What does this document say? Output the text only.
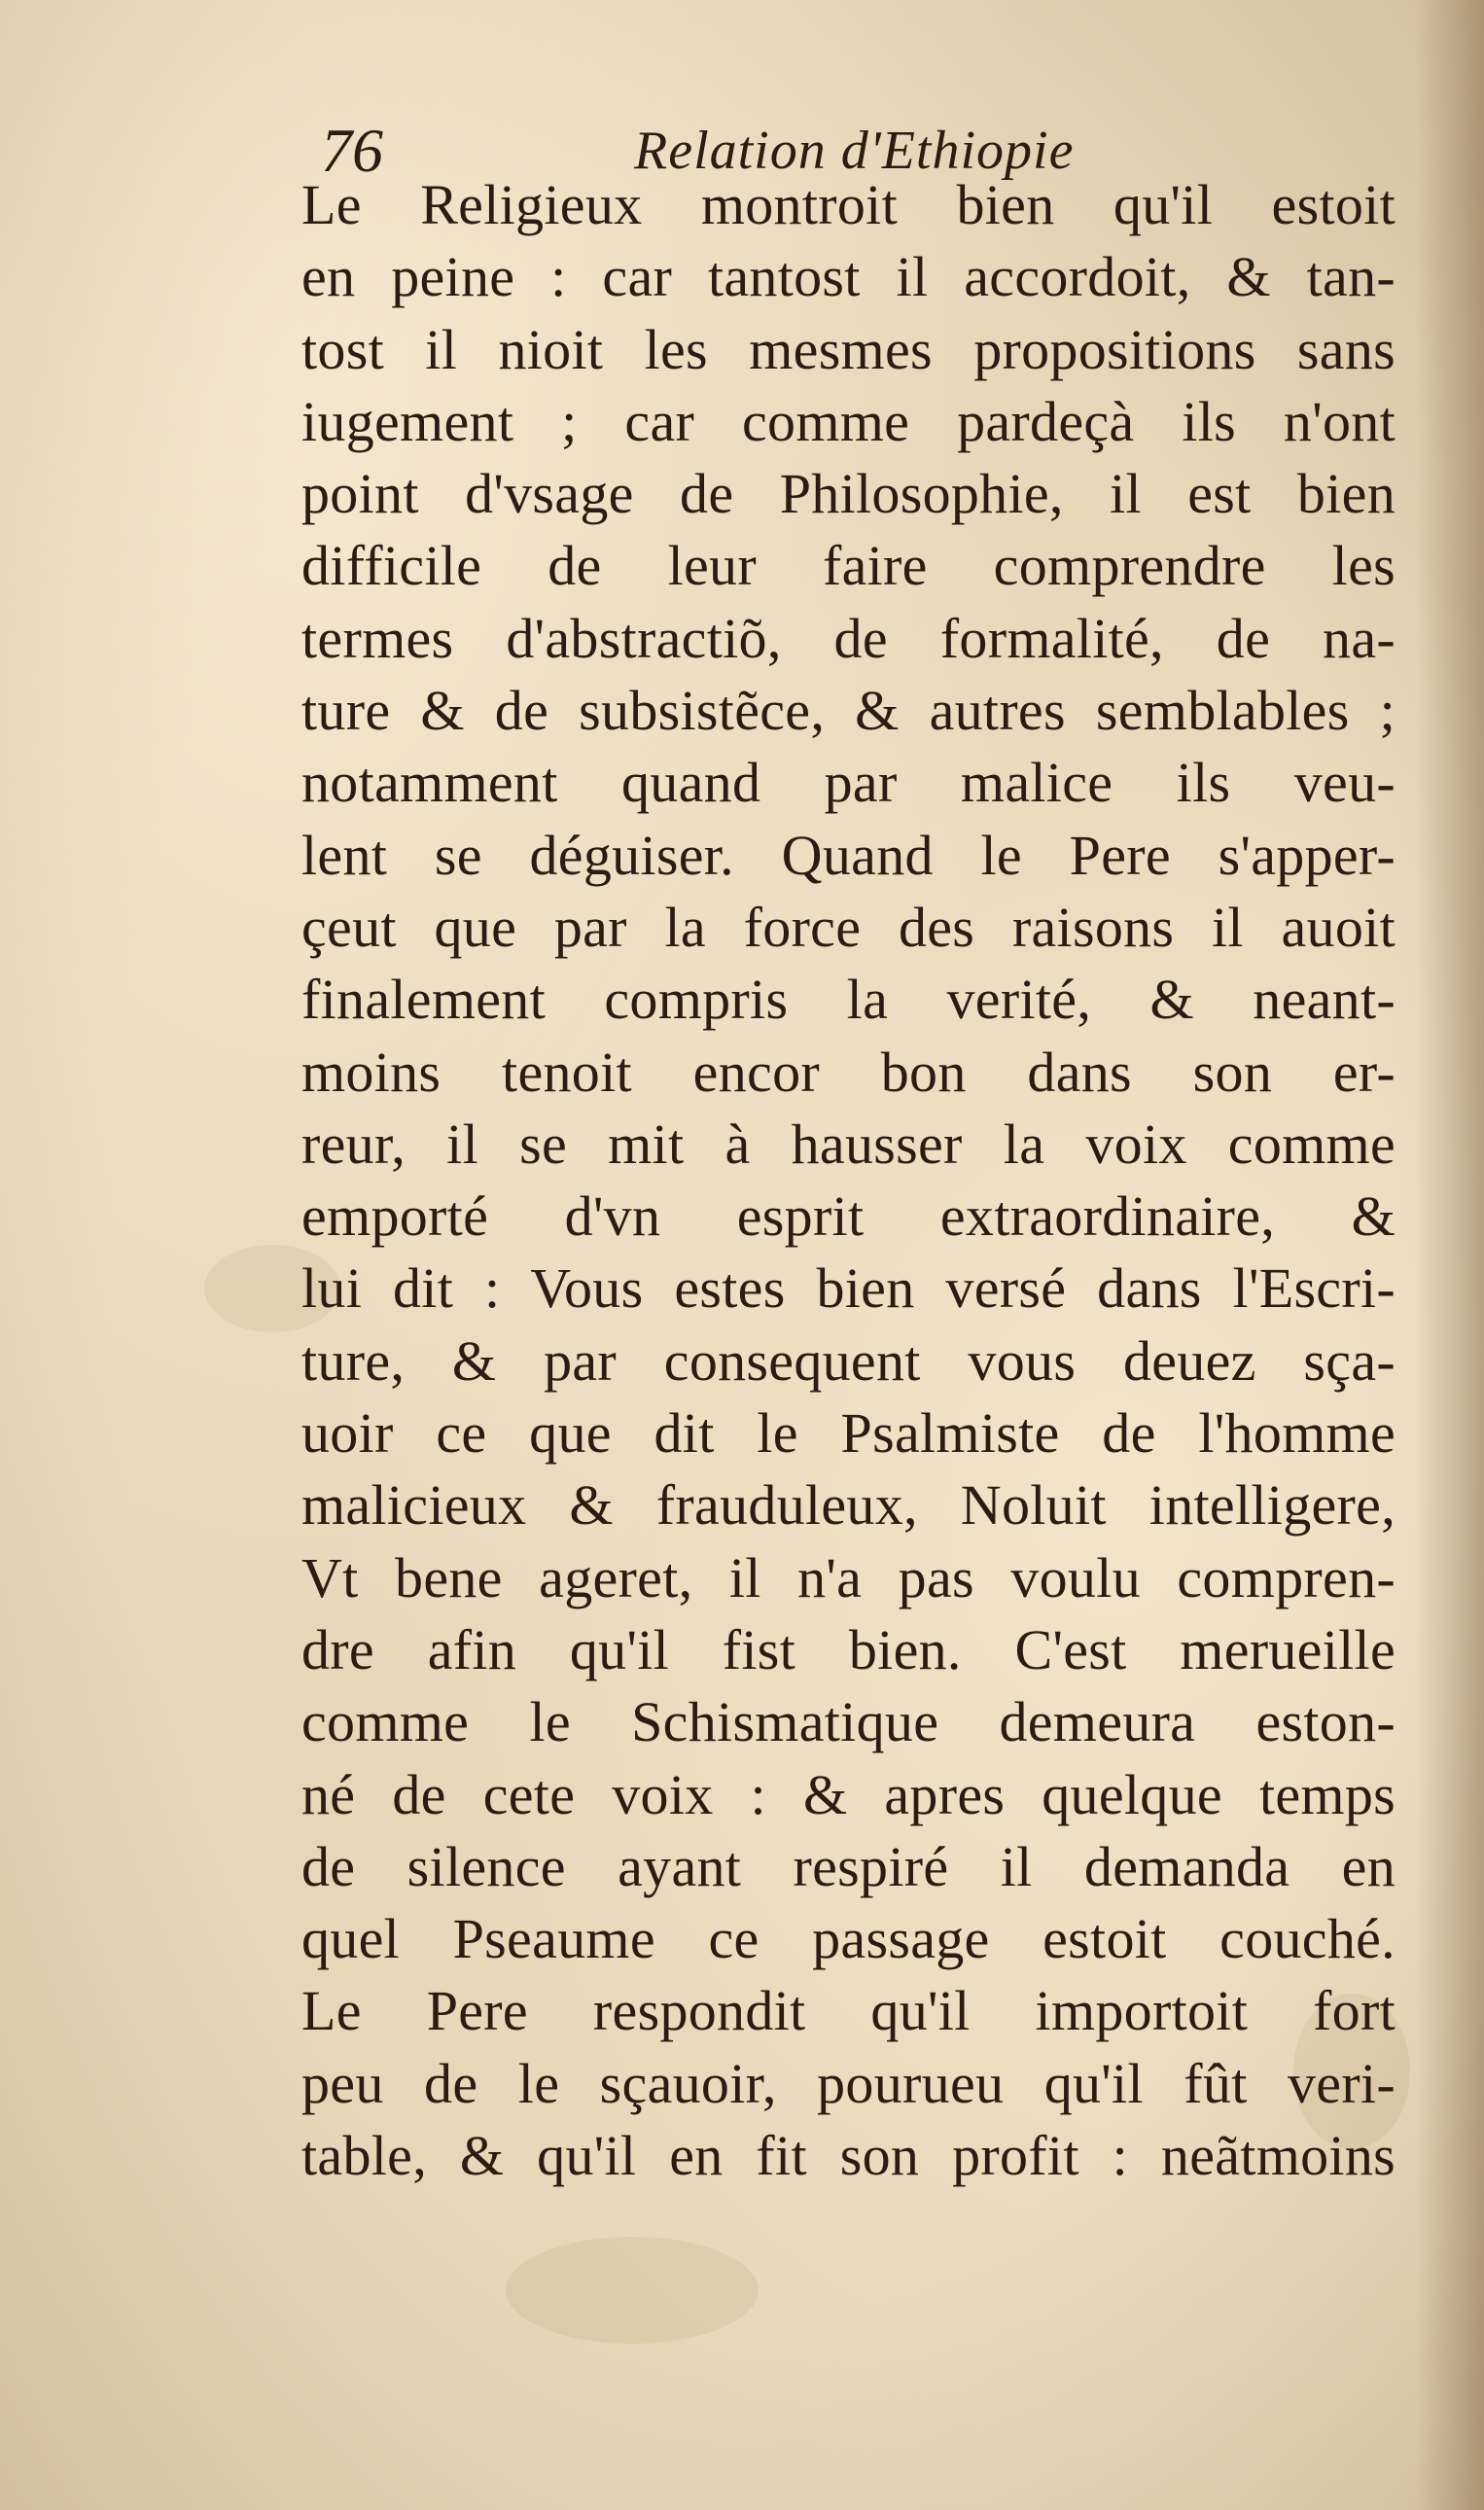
76	Relation d'Ethiopie
Le Religieux montroit bien qu'il estoit
en peine : car tantost il accordoit, & tan-
tost il nioit les mesmes propositions sans
iugement ; car comme pardeçà ils n'ont
point d'vsage de Philosophie, il est bien
difficile de leur faire comprendre les
termes d'abstractiõ, de formalité, de na-
ture & de subsistẽce, & autres semblables ;
notamment quand par malice ils veu-
lent se déguiser. Quand le Pere s'apper-
çeut que par la force des raisons il auoit
finalement compris la verité, & neant-
moins tenoit encor bon dans son er-
reur, il se mit à hausser la voix comme
emporté d'vn esprit extraordinaire, &
lui dit : Vous estes bien versé dans l'Escri-
ture, & par consequent vous deuez sça-
uoir ce que dit le Psalmiste de l'homme
malicieux & frauduleux, Noluit intelligere,
Vt bene ageret, il n'a pas voulu compren-
dre afin qu'il fist bien. C'est merueille
comme le Schismatique demeura eston-
né de cete voix : & apres quelque temps
de silence ayant respiré il demanda en
quel Pseaume ce passage estoit couché.
Le Pere respondit qu'il importoit fort
peu de le sçauoir, pourueu qu'il fût veri-
table, & qu'il en fit son profit : neãtmoins
